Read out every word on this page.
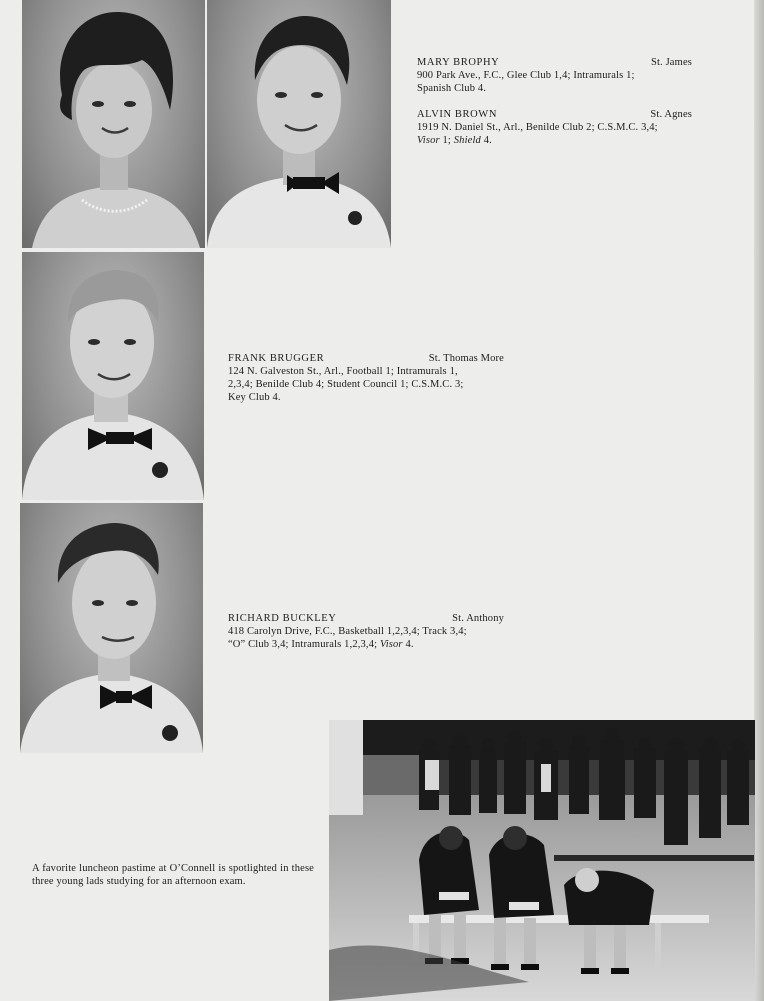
MARY BROPHY	St. James
900 Park Ave., F.C., Glee Club 1,4; Intramurals 1;
Spanish Club 4.
ALVIN BROWN	St. Agnes
1919 N. Daniel St., Arl., Benilde Club 2; C.S.M.C. 3,4;
Visor 1; Shield 4.
FRANK BRUGGER	St. Thomas More
124 N. Galveston St., Arl., Football 1; Intramurals 1,
2,3,4; Benilde Club 4; Student Council 1; C.S.M.C. 3;
Key Club 4.
RICHARD BUCKLEY	St. Anthony
418 Carolyn Drive, F.C., Basketball 1,2,3,4; Track 3,4;
“O” Club 3,4; Intramurals 1,2,3,4; Visor 4.
A favorite luncheon pastime at O’Connell is spotlighted in these three young lads studying for an afternoon exam.
